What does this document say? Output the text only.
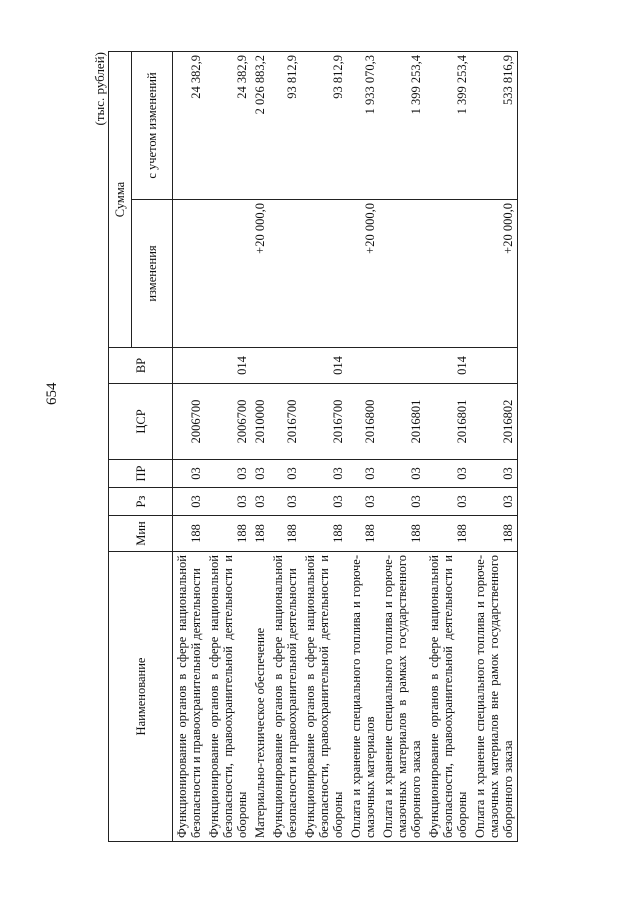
654
(тыс. рублей)
Наименование	Мин	Рз	ПР	ЦСР	ВР	Сумма	
						изменения	с учетом изменений
Функционирование органов в сфере национальной безопасности и правоохранительной деятельности	188	03	03	2006700			24 382,9
Функционирование органов в сфере национальной безопасности, правоохранительной деятельности и обороны	188	03	03	2006700	014		24 382,9
Материально-техническое обеспечение	188	03	03	2010000		+20 000,0	2 026 883,2
Функционирование органов в сфере национальной безопасности и правоохранительной деятельности	188	03	03	2016700			93 812,9
Функционирование органов в сфере национальной безопасности, правоохранительной деятельности и обороны	188	03	03	2016700	014		93 812,9
Оплата и хранение специального топлива и горюче-смазочных материалов	188	03	03	2016800		+20 000,0	1 933 070,3
Оплата и хранение специального топлива и горюче-смазочных материалов в рамках государственного оборонного заказа	188	03	03	2016801			1 399 253,4
Функционирование органов в сфере национальной безопасности, правоохранительной деятельности и обороны	188	03	03	2016801	014		1 399 253,4
Оплата и хранение специального топлива и горюче-смазочных материалов вне рамок государственного оборонного заказа	188	03	03	2016802		+20 000,0	533 816,9
